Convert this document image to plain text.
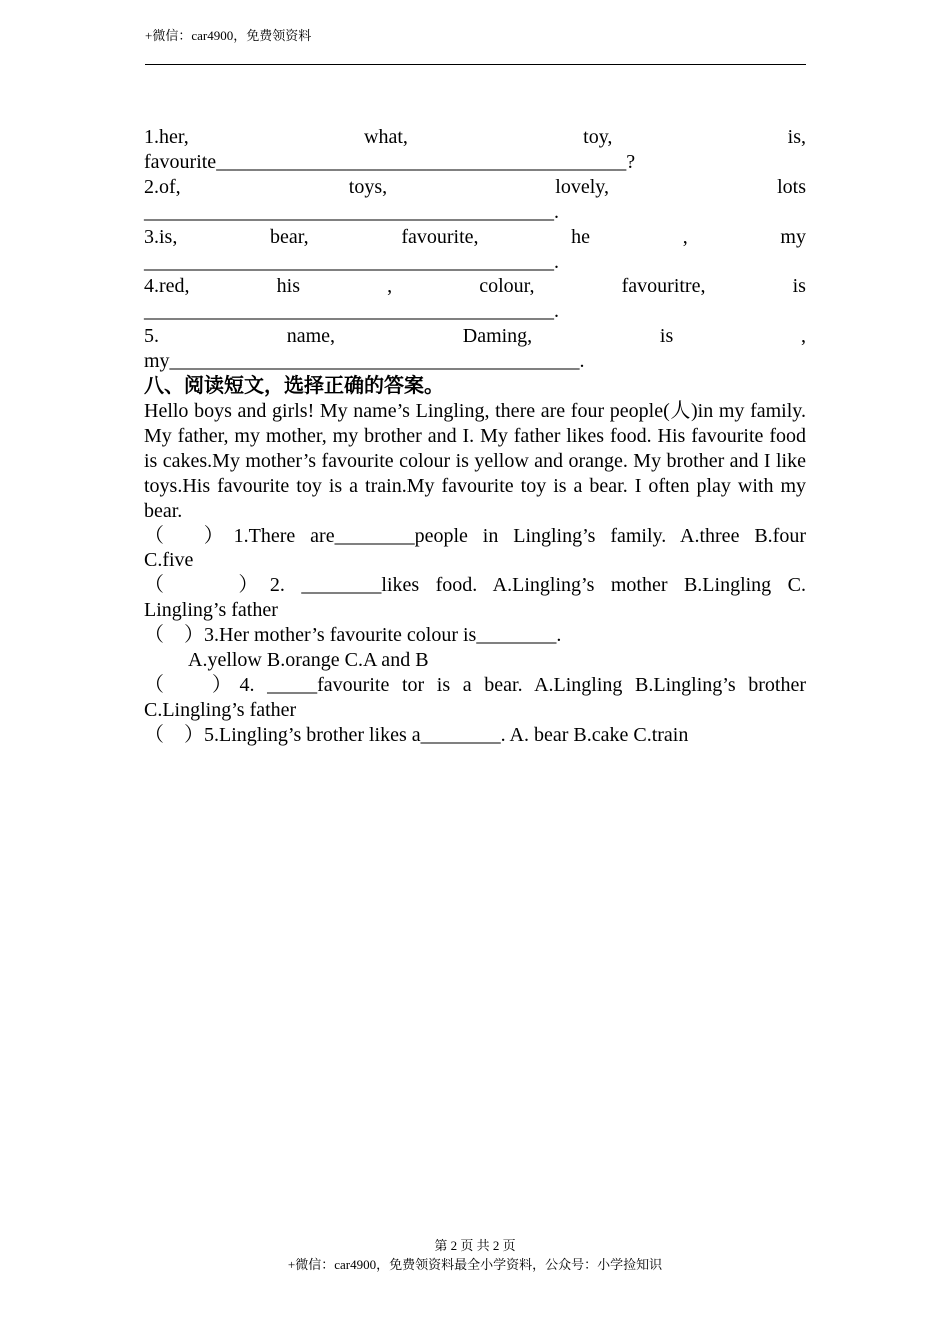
+微信：car4900，免费领资料
1.her,	what,	toy,	is,
favourite_________________________________________?
2.of,	toys,	lovely,	lots
_________________________________________.
3.is,	bear,	favourite,	he	,	my
_________________________________________.
4.red,	his	,	colour,	favouritre,	is
_________________________________________.
5.	name,	Daming,	is	,
my_________________________________________.
八、阅读短文，选择正确的答案。
Hello boys and girls! My name’s Lingling, there are four people(人)in my family. My father, my mother, my brother and I. My father likes food. His favourite food is cakes.My mother’s favourite colour is yellow and orange. My brother and I like toys.His favourite toy is a train.My favourite toy is a bear. I often play with my bear.
（　）1.There are________people in Lingling’s family. A.three B.four
C.five
（　　）2. ________likes food. A.Lingling’s mother B.Lingling C.
Lingling’s father
（　）3.Her mother’s favourite colour is________.
A.yellow B.orange C.A and B
（　 ）4. _____favourite tor is a bear. A.Lingling B.Lingling’s brother
C.Lingling’s father
（　）5.Lingling’s brother likes a________. A. bear B.cake C.train
第 2 页 共 2 页
+微信：car4900，免费领资料最全小学资料，公众号：小学捡知识
